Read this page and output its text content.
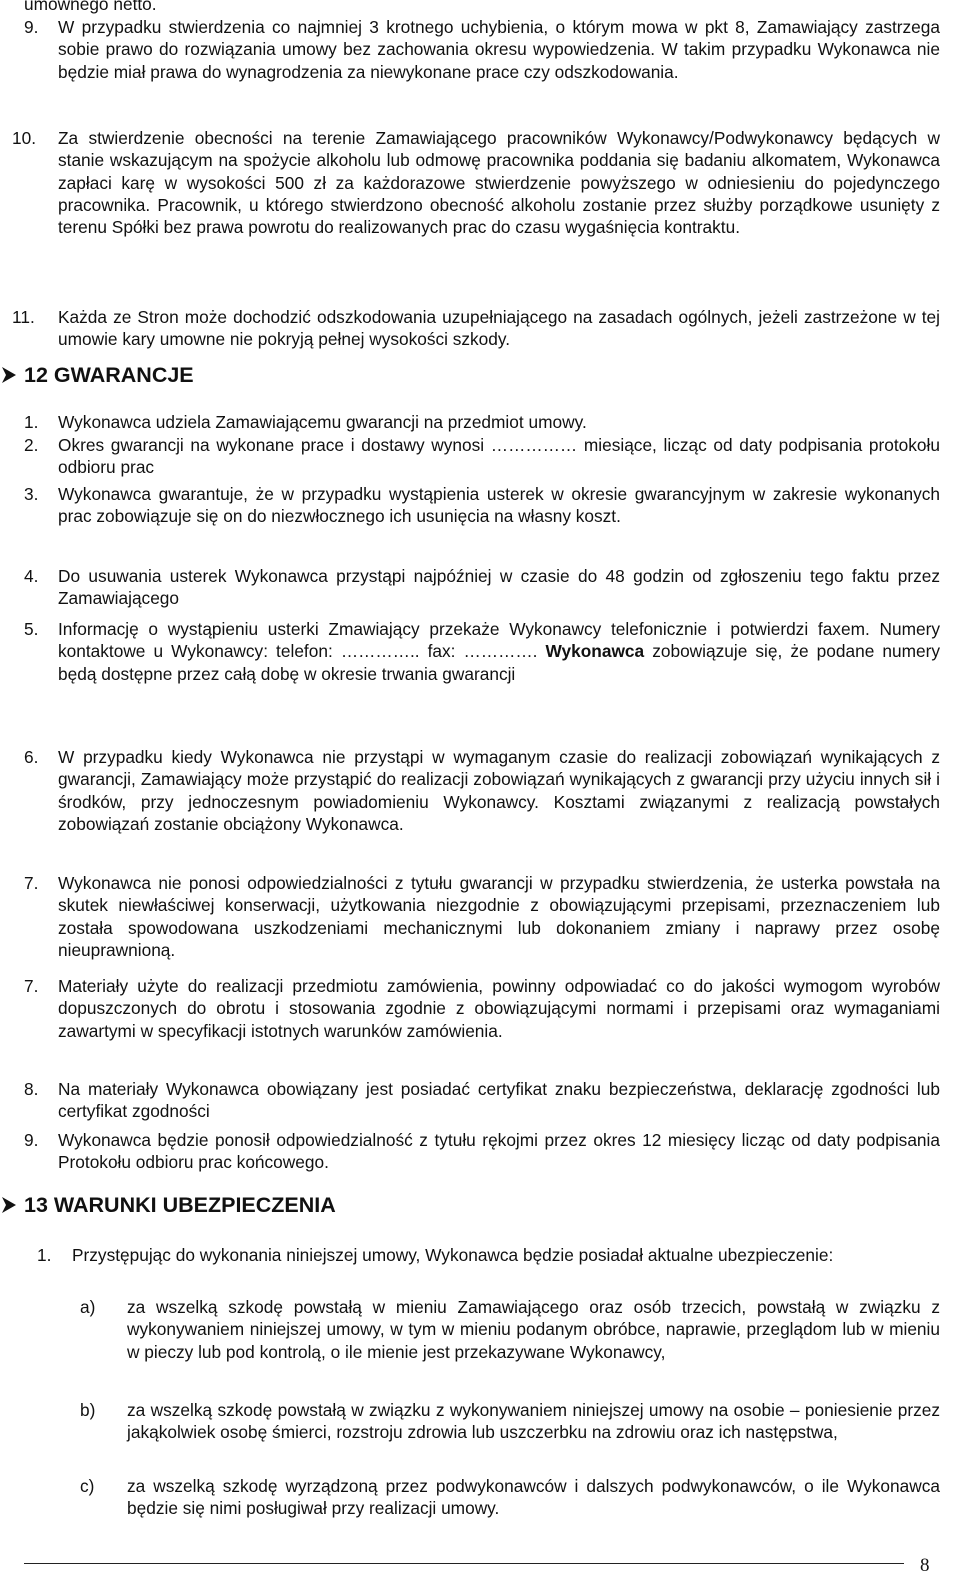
umownego netto.

9. W przypadku stwierdzenia co najmniej 3 krotnego uchybienia, o którym mowa w pkt 8, Zamawiający zastrzega sobie prawo do rozwiązania umowy bez zachowania okresu wypowiedzenia. W takim przypadku Wykonawca nie będzie miał prawa do wynagrodzenia za niewykonane prace czy odszkodowania.

10. Za stwierdzenie obecności na terenie Zamawiającego pracowników Wykonawcy/Podwykonawcy będących w stanie wskazującym na spożycie alkoholu lub odmowę pracownika poddania się badaniu alkomatem, Wykonawca zapłaci karę w wysokości 500 zł za każdorazowe stwierdzenie powyższego w odniesieniu do pojedynczego pracownika. Pracownik, u którego stwierdzono obecność alkoholu zostanie przez służby porządkowe usunięty z terenu Spółki bez prawa powrotu do realizowanych prac do czasu wygaśnięcia kontraktu.

11. Każda ze Stron może dochodzić odszkodowania uzupełniającego na zasadach ogólnych, jeżeli zastrzeżone w tej umowie kary umowne nie pokryją pełnej wysokości szkody.

12 GWARANCJE
1. Wykonawca udziela Zamawiającemu gwarancji na przedmiot umowy.

2. Okres gwarancji na wykonane prace i dostawy wynosi …………… miesiące, licząc od daty podpisania protokołu odbioru prac

3. Wykonawca gwarantuje, że w przypadku wystąpienia usterek w okresie gwarancyjnym w zakresie wykonanych prac zobowiązuje się on do niezwłocznego ich usunięcia na własny koszt.

4. Do usuwania usterek Wykonawca przystąpi najpóźniej w czasie do 48 godzin od zgłoszeniu tego faktu przez Zamawiającego

5. Informację o wystąpieniu usterki Zmawiający przekaże Wykonawcy telefonicznie i potwierdzi faxem. Numery kontaktowe u Wykonawcy: telefon: ………….. fax: …………. Wykonawca zobowiązuje się, że podane numery będą dostępne przez całą dobę w okresie trwania gwarancji

6. W przypadku kiedy Wykonawca nie przystąpi w wymaganym czasie do realizacji zobowiązań wynikających z gwarancji, Zamawiający może przystąpić do realizacji zobowiązań wynikających z gwarancji przy użyciu innych sił i środków, przy jednoczesnym powiadomieniu Wykonawcy. Kosztami związanymi z realizacją powstałych zobowiązań zostanie obciążony Wykonawca.

7. Wykonawca nie ponosi odpowiedzialności z tytułu gwarancji w przypadku stwierdzenia, że usterka powstała na skutek niewłaściwej konserwacji, użytkowania niezgodnie z obowiązującymi przepisami, przeznaczeniem lub została spowodowana uszkodzeniami mechanicznymi lub dokonaniem zmiany i naprawy przez osobę nieuprawnioną.

7. Materiały użyte do realizacji przedmiotu zamówienia, powinny odpowiadać co do jakości wymogom wyrobów dopuszczonych do obrotu i stosowania zgodnie z obowiązującymi normami i przepisami oraz wymaganiami zawartymi w specyfikacji istotnych warunków zamówienia.

8. Na materiały Wykonawca obowiązany jest posiadać certyfikat znaku bezpieczeństwa, deklarację zgodności lub certyfikat zgodności

9. Wykonawca będzie ponosił odpowiedzialność z tytułu rękojmi przez okres 12 miesięcy licząc od daty podpisania Protokołu odbioru prac końcowego.

13 WARUNKI UBEZPIECZENIA
1. Przystępując do wykonania niniejszej umowy, Wykonawca będzie posiadał aktualne ubezpieczenie:

a) za wszelką szkodę powstałą w mieniu Zamawiającego oraz osób trzecich, powstałą w związku z wykonywaniem niniejszej umowy, w tym w mieniu podanym obróbce, naprawie, przeglądom lub w mieniu w pieczy lub pod kontrolą, o ile mienie jest przekazywane Wykonawcy,

b) za wszelką szkodę powstałą w związku z wykonywaniem niniejszej umowy na osobie – poniesienie przez jakąkolwiek osobę śmierci, rozstroju zdrowia lub uszczerbku na zdrowiu oraz ich następstwa,

c) za wszelką szkodę wyrządzoną przez podwykonawców i dalszych podwykonawców, o ile Wykonawca będzie się nimi posługiwał przy realizacji umowy.

8
